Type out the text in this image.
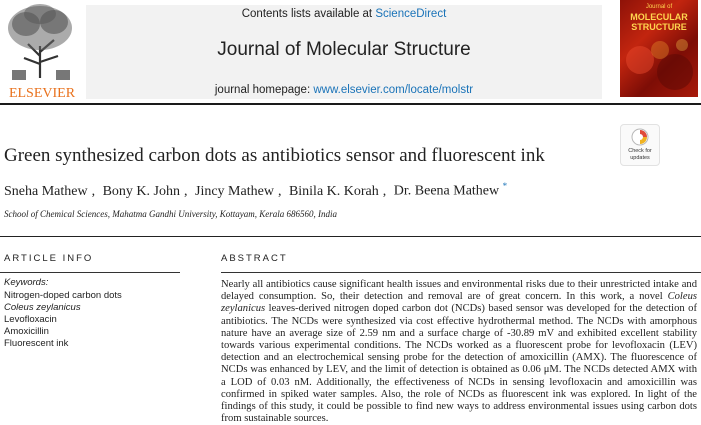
ELSEVIER
Contents lists available at ScienceDirect
Journal of Molecular Structure
journal homepage: www.elsevier.com/locate/molstr
Journal of
MOLECULAR STRUCTURE
Check for
updates
Green synthesized carbon dots as antibiotics sensor and fluorescent ink
Sneha Mathew , Bony K. John , Jincy Mathew , Binila K. Korah , Dr. Beena Mathew *
School of Chemical Sciences, Mahatma Gandhi University, Kottayam, Kerala 686560, India
ARTICLE INFO
Keywords:
Nitrogen-doped carbon dots
Coleus zeylanicus
Levofloxacin
Amoxicillin
Fluorescent ink
ABSTRACT
Nearly all antibiotics cause significant health issues and environmental risks due to their unrestricted intake and delayed consumption. So, their detection and removal are of great concern. In this work, a novel Coleus zeylanicus leaves-derived nitrogen doped carbon dot (NCDs) based sensor was developed for the detection of antibiotics. The NCDs were synthesized via cost effective hydrothermal method. The NCDs with amorphous nature have an average size of 2.59 nm and a surface charge of -30.89 mV and exhibited excellent stability towards various experimental conditions. The NCDs worked as a fluorescent probe for levofloxacin (LEV) detection and an electrochemical sensing probe for the detection of amoxicillin (AMX). The fluorescence of NCDs was enhanced by LEV, and the limit of detection is obtained as 0.06 μM. The NCDs detected AMX with a LOD of 0.03 nM. Additionally, the effectiveness of NCDs in sensing levofloxacin and amoxicillin was confirmed in spiked water samples. Also, the role of NCDs as fluorescent ink was explored. In light of the findings of this study, it could be possible to find new ways to address environmental issues using carbon dots from sustainable sources.
